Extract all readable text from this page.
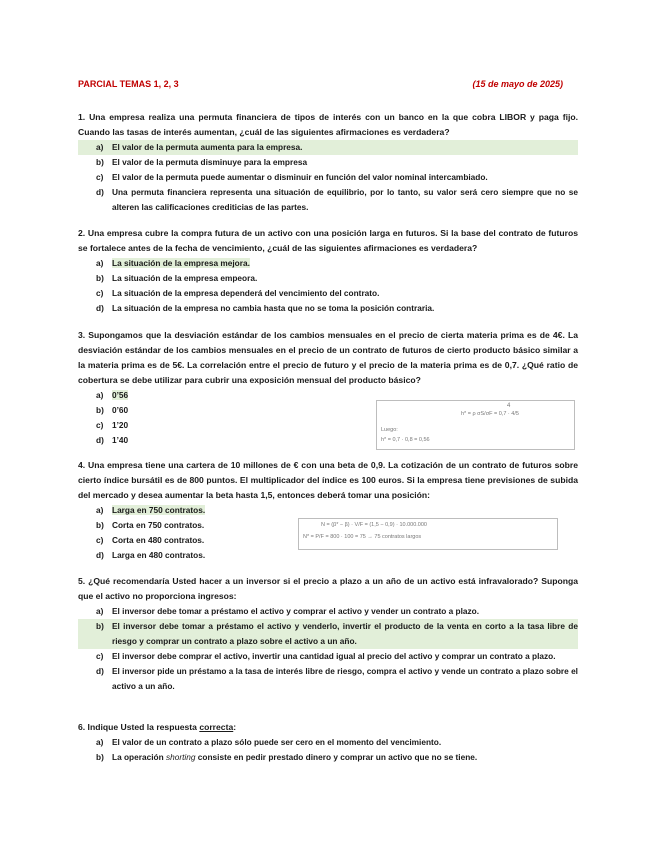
PARCIAL TEMAS 1, 2, 3	(15 de mayo de 2025)
1. Una empresa realiza una permuta financiera de tipos de interés con un banco en la que cobra LIBOR y paga fijo. Cuando las tasas de interés aumentan, ¿cuál de las siguientes afirmaciones es verdadera?
a)	El valor de la permuta aumenta para la empresa.
b) El valor de la permuta disminuye para la empresa
c)	El valor de la permuta puede aumentar o disminuir en función del valor nominal intercambiado.
d) Una permuta financiera representa una situación de equilibrio, por lo tanto, su valor será cero siempre que no se alteren las calificaciones crediticias de las partes.
2. Una empresa cubre la compra futura de un activo con una posición larga en futuros. Si la base del contrato de futuros se fortalece antes de la fecha de vencimiento, ¿cuál de las siguientes afirmaciones es verdadera?
a)	La situación de la empresa mejora.
b) La situación de la empresa empeora.
c)	La situación de la empresa dependerá del vencimiento del contrato.
d) La situación de la empresa no cambia hasta que no se toma la posición contraria.
3. Supongamos que la desviación estándar de los cambios mensuales en el precio de cierta materia prima es de 4€. La desviación estándar de los cambios mensuales en el precio de un contrato de futuros de cierto producto básico similar a la materia prima es de 5€. La correlación entre el precio de futuro y el precio de la materia prima es de 0,7. ¿Qué ratio de cobertura se debe utilizar para cubrir una exposición mensual del producto básico?
a)	0’56
b) 0’60
c)	1’20
d) 1’40
4
h* = ρ σS/σF = 0,7 · 4/5
Luego:
h* = 0,7 · 0,8 = 0,56
4. Una empresa tiene una cartera de 10 millones de € con una beta de 0,9. La cotización de un contrato de futuros sobre cierto índice bursátil es de 800 puntos. El multiplicador del índice es 100 euros. Si la empresa tiene previsiones de subida del mercado y desea aumentar la beta hasta 1,5, entonces deberá tomar una posición:
a)	Larga en 750 contratos.
b) Corta en 750 contratos.
c)	Corta en 480 contratos.
d) Larga en 480 contratos.
N = (β* − β) · V/F = (1,5 − 0,9) · 10.000.000
N* = P/F = 800 · 100 = 75 → 75 contratos largos
5. ¿Qué recomendaría Usted hacer a un inversor si el precio a plazo a un año de un activo está infravalorado? Suponga que el activo no proporciona ingresos:
a)	El inversor debe tomar a préstamo el activo y comprar el activo y vender un contrato a plazo.
b) El inversor debe tomar a préstamo el activo y venderlo, invertir el producto de la venta en corto a la tasa libre de riesgo y comprar un contrato a plazo sobre el activo a un año.
c)	El inversor debe comprar el activo, invertir una cantidad igual al precio del activo y comprar un contrato a plazo.
d) El inversor pide un préstamo a la tasa de interés libre de riesgo, compra el activo y vende un contrato a plazo sobre el activo a un año.
6. Indique Usted la respuesta correcta:
a)	El valor de un contrato a plazo sólo puede ser cero en el momento del vencimiento.
b) La operación shorting consiste en pedir prestado dinero y comprar un activo que no se tiene.
